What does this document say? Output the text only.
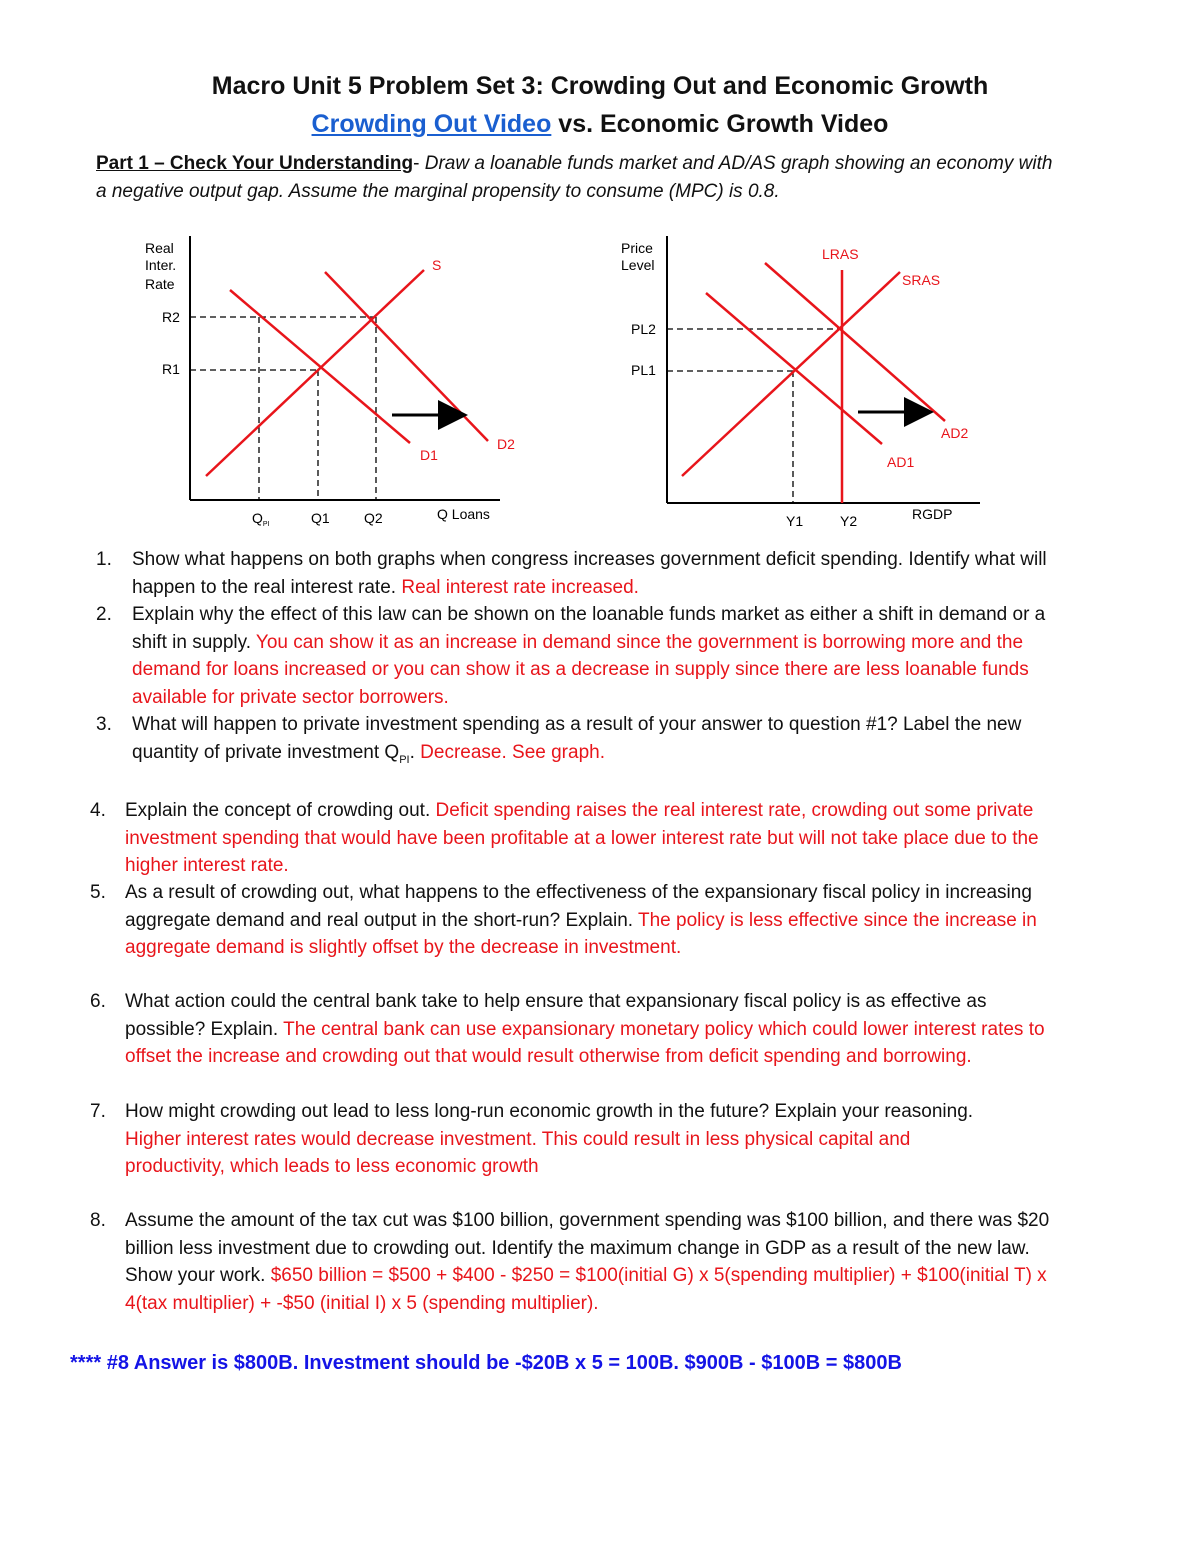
Macro Unit 5 Problem Set 3: Crowding Out and Economic Growth
Crowding Out Video vs. Economic Growth Video
Part 1 – Check Your Understanding- Draw a loanable funds market and AD/AS graph showing an economy with a negative output gap. Assume the marginal propensity to consume (MPC) is 0.8.
Real
Inter.
Rate
R2
R1
S
D1
D2
$Q_{PI}$	Q1 Q2	Q Loans
Price
Level
PL2
PL1
LRAS
SRAS
AD1
AD2
Y1	Y2	RGDP
1. Show what happens on both graphs when congress increases government deficit spending. Identify what will happen to the real interest rate. Real interest rate increased.
2. Explain why the effect of this law can be shown on the loanable funds market as either a shift in demand or a shift in supply. You can show it as an increase in demand since the government is borrowing more and the demand for loans increased or you can show it as a decrease in supply since there are less loanable funds available for private sector borrowers.
3. What will happen to private investment spending as a result of your answer to question #1? Label the new quantity of private investment $Q_{PI}$. Decrease. See graph.
4. Explain the concept of crowding out. Deficit spending raises the real interest rate, crowding out some private investment spending that would have been profitable at a lower interest rate but will not take place due to the higher interest rate.
5. As a result of crowding out, what happens to the effectiveness of the expansionary fiscal policy in increasing aggregate demand and real output in the short-run? Explain. The policy is less effective since the increase in aggregate demand is slightly offset by the decrease in investment.
6. What action could the central bank take to help ensure that expansionary fiscal policy is as effective as possible? Explain. The central bank can use expansionary monetary policy which could lower interest rates to offset the increase and crowding out that would result otherwise from deficit spending and borrowing.
7. How might crowding out lead to less long-run economic growth in the future? Explain your reasoning. Higher interest rates would decrease investment. This could result in less physical capital and productivity, which leads to less economic growth
8. Assume the amount of the tax cut was $100 billion, government spending was $100 billion, and there was $20 billion less investment due to crowding out. Identify the maximum change in GDP as a result of the new law. Show your work. $650 billion = $500 + $400 - $250 = $100(initial G) x 5(spending multiplier) + $100(initial T) x 4(tax multiplier) + -$50 (initial I) x 5 (spending multiplier).
**** #8 Answer is $800B. Investment should be -$20B x 5 = 100B. $900B - $100B = $800B
